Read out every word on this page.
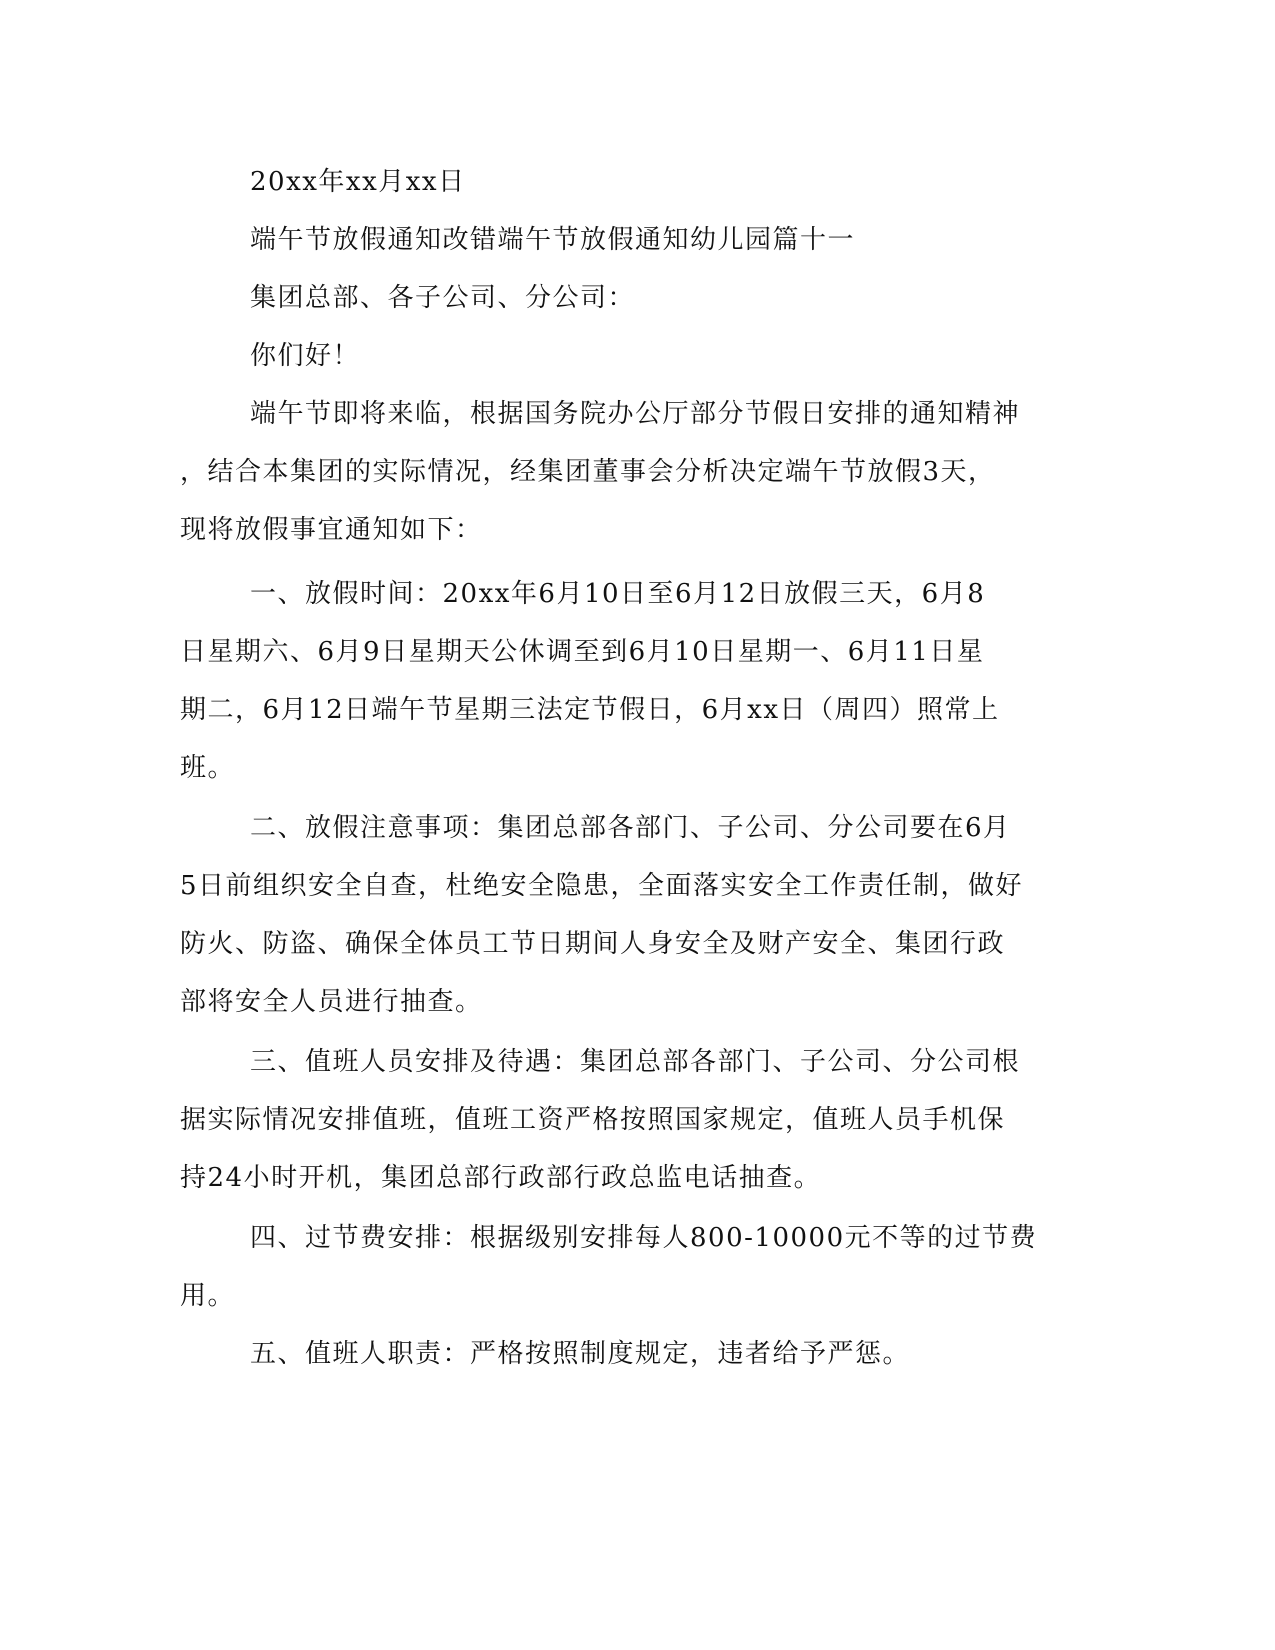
20xx年xx月xx日
端午节放假通知改错端午节放假通知幼儿园篇十一
集团总部、各子公司、分公司：
你们好！
端午节即将来临，根据国务院办公厅部分节假日安排的通知精神
，结合本集团的实际情况，经集团董事会分析决定端午节放假3天，
现将放假事宜通知如下：
一、放假时间：20xx年6月10日至6月12日放假三天，6月8
日星期六、6月9日星期天公休调至到6月10日星期一、6月11日星
期二，6月12日端午节星期三法定节假日，6月xx日（周四）照常上
班。
二、放假注意事项：集团总部各部门、子公司、分公司要在6月
5日前组织安全自查，杜绝安全隐患，全面落实安全工作责任制，做好
防火、防盗、确保全体员工节日期间人身安全及财产安全、集团行政
部将安全人员进行抽查。
三、值班人员安排及待遇：集团总部各部门、子公司、分公司根
据实际情况安排值班，值班工资严格按照国家规定，值班人员手机保
持24小时开机，集团总部行政部行政总监电话抽查。
四、过节费安排：根据级别安排每人800-10000元不等的过节费
用。
五、值班人职责：严格按照制度规定，违者给予严惩。
